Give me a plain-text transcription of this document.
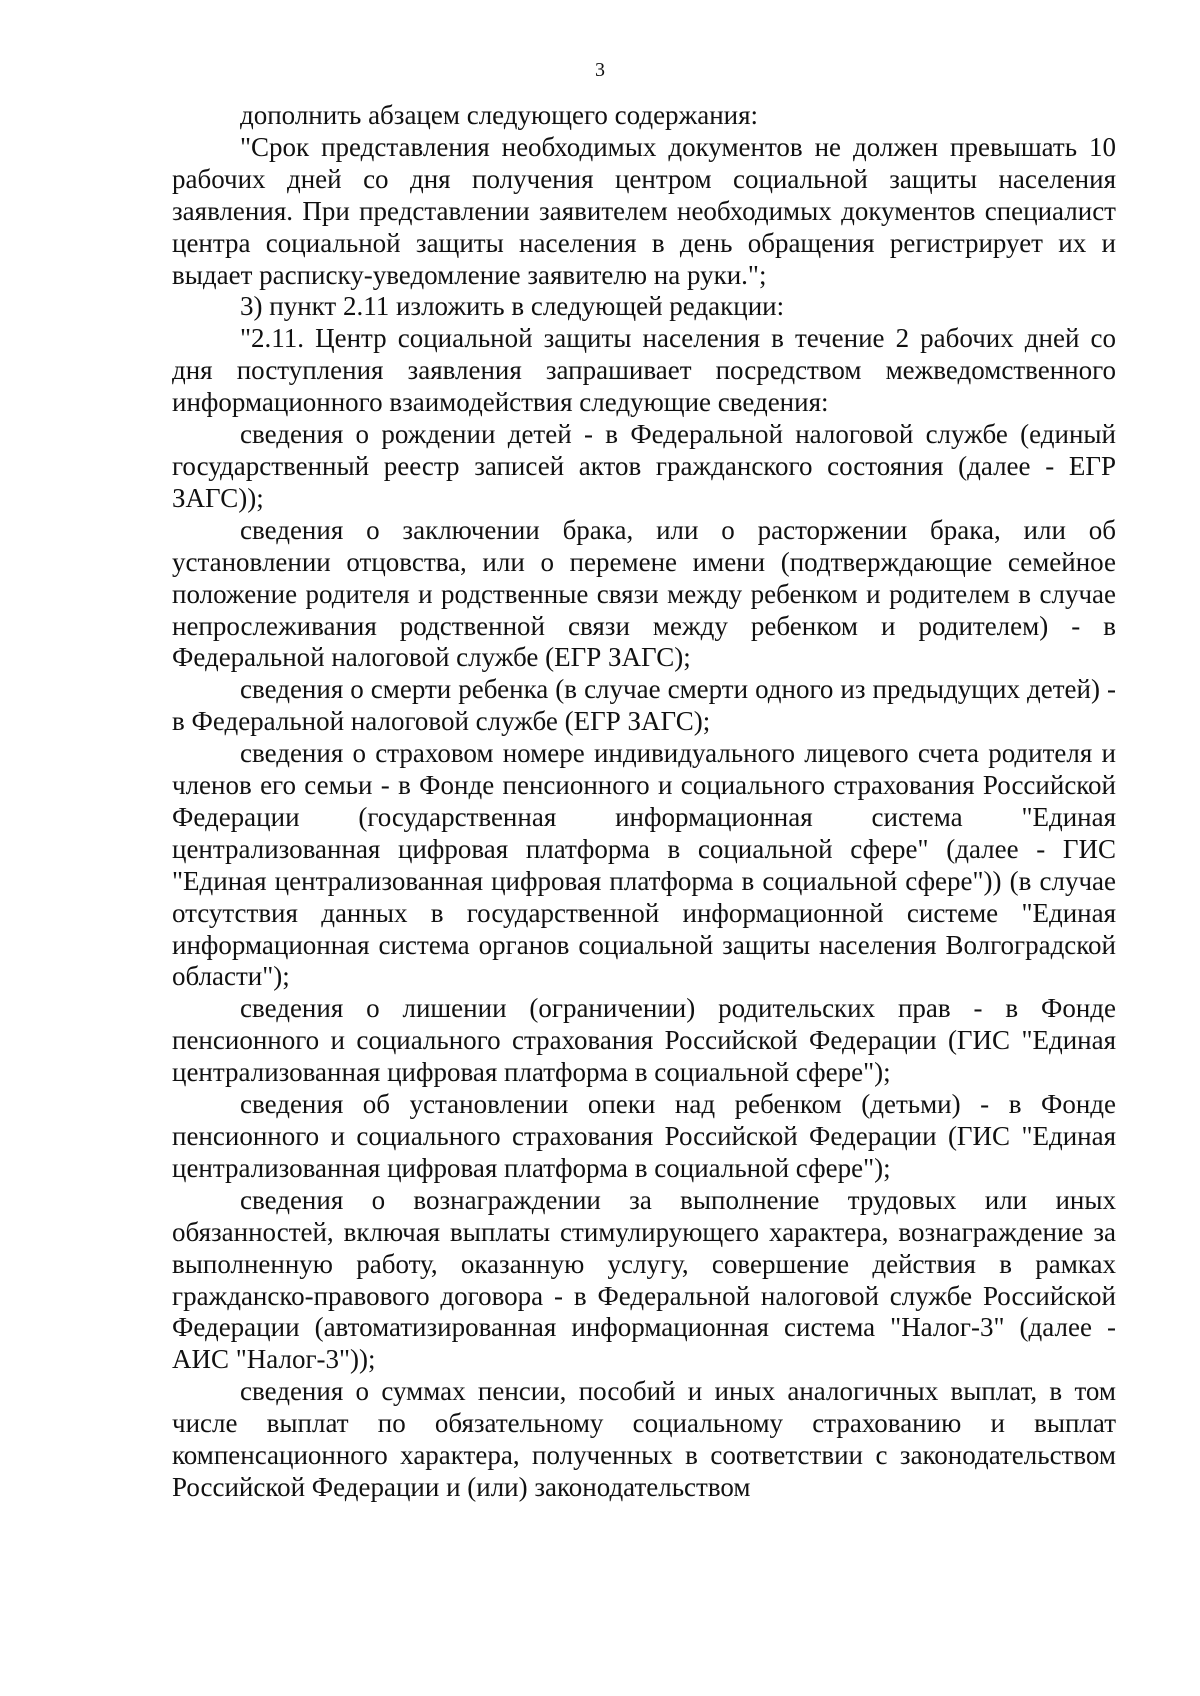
3

дополнить абзацем следующего содержания:

"Срок представления необходимых документов не должен превышать 10 рабочих дней со дня получения центром социальной защиты населения заявления. При представлении заявителем необходимых документов специалист центра социальной защиты населения в день обращения регистрирует их и выдает расписку-уведомление заявителю на руки.";

3) пункт 2.11 изложить в следующей редакции:

"2.11. Центр социальной защиты населения в течение 2 рабочих дней со дня поступления заявления запрашивает посредством межведомственного информационного взаимодействия следующие сведения:

сведения о рождении детей - в Федеральной налоговой службе (единый государственный реестр записей актов гражданского состояния (далее - ЕГР ЗАГС));

сведения о заключении брака, или о расторжении брака, или об установлении отцовства, или о перемене имени (подтверждающие семейное положение родителя и родственные связи между ребенком и родителем в случае непрослеживания родственной связи между ребенком и родителем) - в Федеральной налоговой службе (ЕГР ЗАГС);

сведения о смерти ребенка (в случае смерти одного из предыдущих детей) - в Федеральной налоговой службе (ЕГР ЗАГС);

сведения о страховом номере индивидуального лицевого счета родителя и членов его семьи - в Фонде пенсионного и социального страхования Российской Федерации (государственная информационная система "Единая централизованная цифровая платформа в социальной сфере" (далее - ГИС "Единая централизованная цифровая платформа в социальной сфере")) (в случае отсутствия данных в государственной информационной системе "Единая информационная система органов социальной защиты населения Волгоградской области");

сведения о лишении (ограничении) родительских прав - в Фонде пенсионного и социального страхования Российской Федерации (ГИС "Единая централизованная цифровая платформа в социальной сфере");

сведения об установлении опеки над ребенком (детьми) - в Фонде пенсионного и социального страхования Российской Федерации (ГИС "Единая централизованная цифровая платформа в социальной сфере");

сведения о вознаграждении за выполнение трудовых или иных обязанностей, включая выплаты стимулирующего характера, вознаграждение за выполненную работу, оказанную услугу, совершение действия в рамках гражданско-правового договора - в Федеральной налоговой службе Российской Федерации (автоматизированная информационная система "Налог-3" (далее - АИС "Налог-3"));

сведения о суммах пенсии, пособий и иных аналогичных выплат, в том числе выплат по обязательному социальному страхованию и выплат компенсационного характера, полученных в соответствии с законодательством Российской Федерации и (или) законодательством
